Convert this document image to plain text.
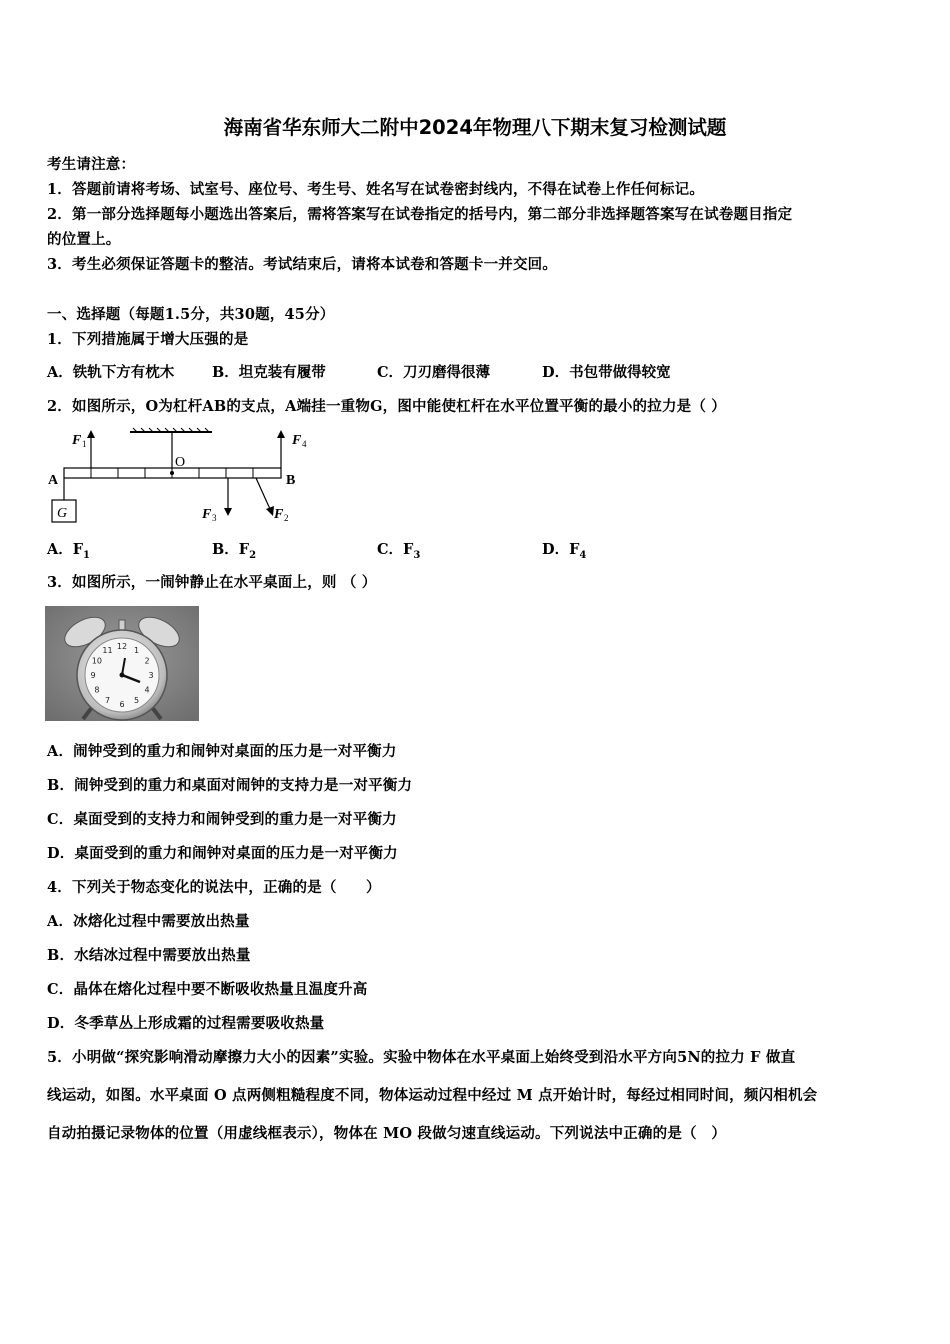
海南省华东师大二附中2024年物理八下期末复习检测试题
考生请注意：
1．答题前请将考场、试室号、座位号、考生号、姓名写在试卷密封线内，不得在试卷上作任何标记。
2．第一部分选择题每小题选出答案后，需将答案写在试卷指定的括号内，第二部分非选择题答案写在试卷题目指定
的位置上。
3．考生必须保证答题卡的整洁。考试结束后，请将本试卷和答题卡一并交回。
一、选择题（每题1.5分，共30题，45分）
1．下列措施属于增大压强的是
A．铁轨下方有枕木	B．坦克装有履带	C．刀刃磨得很薄	D．书包带做得较宽
2．如图所示，O为杠杆AB的支点，A端挂一重物G，图中能使杠杆在水平位置平衡的最小的拉力是（ ）
O
A	B
G
F 1	F 4
F 3	F 2
A．$F_1$	B．$F_2$	C．$F_3$	D．$F_4$
3．如图所示，一闹钟静止在水平桌面上，则 （ ）
12 1
2
3
4
5
6
7
8
9
10
11
A．闹钟受到的重力和闹钟对桌面的压力是一对平衡力
B．闹钟受到的重力和桌面对闹钟的支持力是一对平衡力
C．桌面受到的支持力和闹钟受到的重力是一对平衡力
D．桌面受到的重力和闹钟对桌面的压力是一对平衡力
4．下列关于物态变化的说法中，正确的是（　　）
A．冰熔化过程中需要放出热量
B．水结冰过程中需要放出热量
C．晶体在熔化过程中要不断吸收热量且温度升高
D．冬季草丛上形成霜的过程需要吸收热量
5．小明做“探究影响滑动摩擦力大小的因素”实验。实验中物体在水平桌面上始终受到沿水平方向5N的拉力 F 做直
线运动，如图。水平桌面 O 点两侧粗糙程度不同，物体运动过程中经过 M 点开始计时，每经过相同时间，频闪相机会
自动拍摄记录物体的位置（用虚线框表示），物体在 MO 段做匀速直线运动。下列说法中正确的是（　）
